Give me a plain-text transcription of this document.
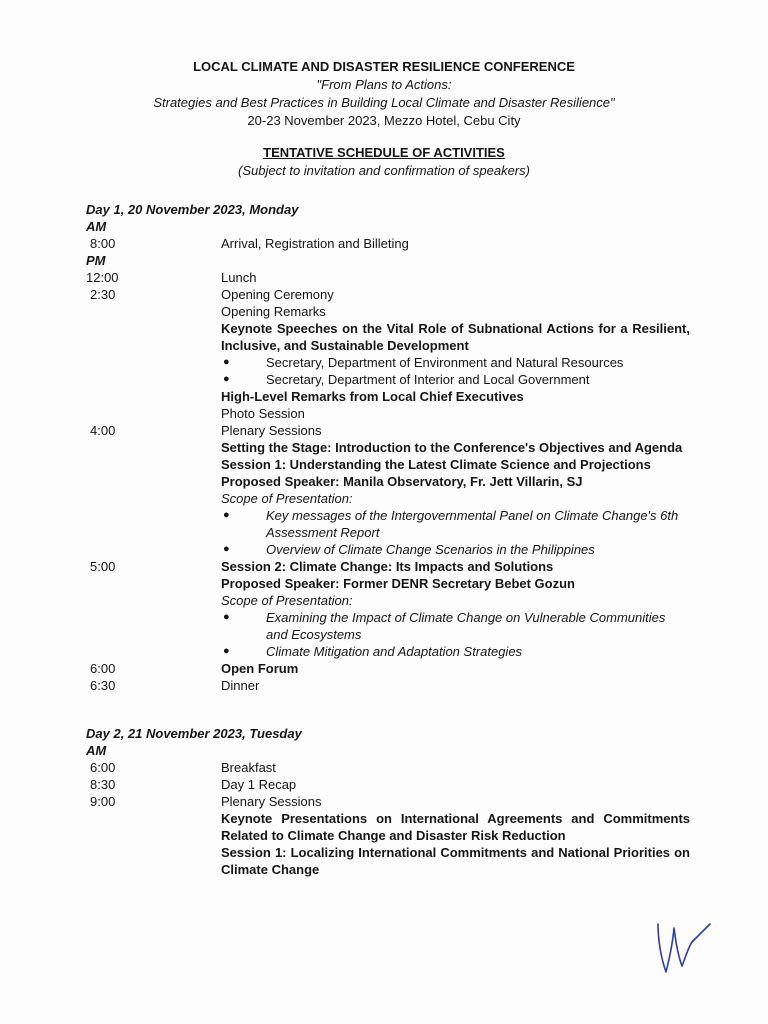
LOCAL CLIMATE AND DISASTER RESILIENCE CONFERENCE
"From Plans to Actions:
Strategies and Best Practices in Building Local Climate and Disaster Resilience"
20-23 November 2023, Mezzo Hotel, Cebu City
TENTATIVE SCHEDULE OF ACTIVITIES
(Subject to invitation and confirmation of speakers)
Day 1, 20 November 2023, Monday
AM
8:00	Arrival, Registration and Billeting
PM
12:00	Lunch
2:30	Opening Ceremony
Opening Remarks
Keynote Speeches on the Vital Role of Subnational Actions for a Resilient, Inclusive, and Sustainable Development
●	Secretary, Department of Environment and Natural Resources
●	Secretary, Department of Interior and Local Government
High-Level Remarks from Local Chief Executives
Photo Session
4:00	Plenary Sessions
Setting the Stage: Introduction to the Conference's Objectives and Agenda
Session 1: Understanding the Latest Climate Science and Projections
Proposed Speaker: Manila Observatory, Fr. Jett Villarin, SJ
Scope of Presentation:
●	Key messages of the Intergovernmental Panel on Climate Change's 6th Assessment Report
●	Overview of Climate Change Scenarios in the Philippines
5:00	Session 2: Climate Change: Its Impacts and Solutions
Proposed Speaker: Former DENR Secretary Bebet Gozun
Scope of Presentation:
●	Examining the Impact of Climate Change on Vulnerable Communities and Ecosystems
●	Climate Mitigation and Adaptation Strategies
6:00	Open Forum
6:30	Dinner
Day 2, 21 November 2023, Tuesday
AM
6:00	Breakfast
8:30	Day 1 Recap
9:00	Plenary Sessions
Keynote Presentations on International Agreements and Commitments Related to Climate Change and Disaster Risk Reduction
Session 1: Localizing International Commitments and National Priorities on Climate Change
